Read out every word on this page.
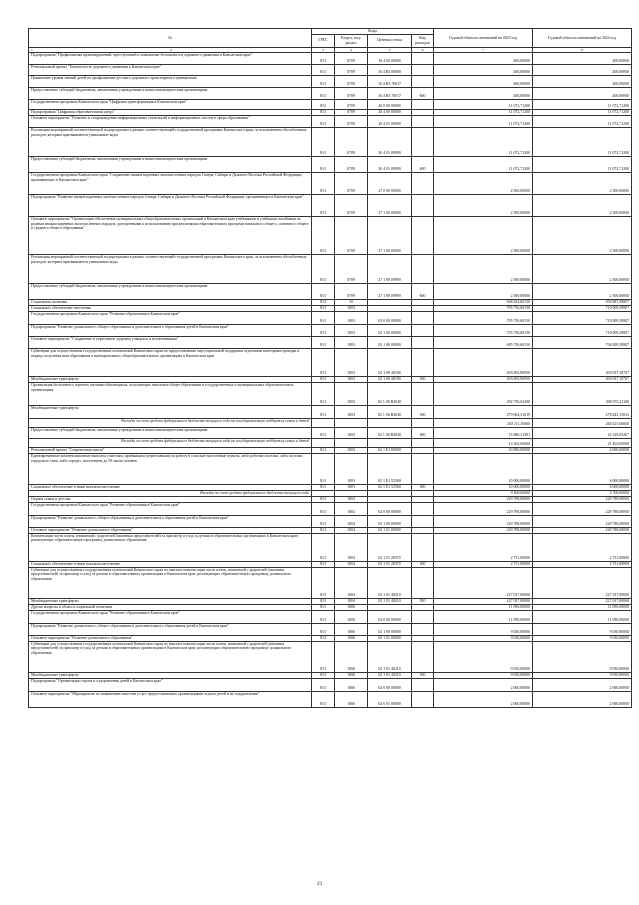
№	Коды				Годовой объем ассигнований на 2023 год	Годовой объем ассигнований на 2024 год
	ГРБС	Раздел, под-раздел	Целевая статья	Вид расходов		

1 2	3	4	5	6	7	8
Подпрограмма "Профилактика правонарушений, преступлений и повышение безопасности дорожного движения в Камчатском крае"	813	0709	16 4 00 00000		400,00000	400,00000
Региональный проект "Безопасность дорожного движения в Камчатском крае"	813	0709	16 4 R3 00000		400,00000	400,00000
Повышение уровня знаний детей по профилактике детского дорожного транспортного травматизма	813	0709	16 4 R3 70017		400,00000	400,00000
Предоставление субсидий бюджетным, автономным учреждениям и иным некоммерческим организациям	813	0709	16 4 R3 70017	600	400,00000	400,00000
Государственная программа Камчатского края "Цифровая трансформация в Камчатском крае"	813	0709	20 0 00 00000		11 072,71200	11 072,71200
Подпрограмма "Цифровая образовательная среда"	813	0709	20 4 00 00000		11 072,71200	11 072,71200
Основное мероприятие "Развитие и сопровождение информационных технологий и информационных систем в сфере образования"	813	0709	20 4 01 00000		11 072,71200	11 072,71200
Реализация мероприятий соответствующей подпрограммы в рамках соответствующей государственной программы Камчатского края, за исключением обособленных расходов, которым присваиваются уникальные коды	813	0709	20 4 01 09990		11 072,71200	11 072,71200
Предоставление субсидий бюджетным, автономным учреждениям и иным некоммерческим организациям	813	0709	20 4 01 09990	600	11 072,71200	11 072,71200
Государственная программа Камчатского края "Сохранение языков коренных малочисленных народов Севера, Сибири и Дальнего Востока Российской Федерации, проживающих в Камчатском крае"	813	0709	27 0 00 00000		2 500,00000	2 500,00000
Подпрограмма "Развитие языков коренных малочисленных народов Севера, Сибири и Дальнего Востока Российской Федерации, проживающих в Камчатском крае"	813	0709	27 1 00 00000		2 500,00000	2 500,00000
Основное мероприятие "Организация обеспечения муниципальных общеобразовательных организаций в Камчатском крае учебниками и учебными пособиями по родным языкам коренных малочисленных народов, допущенными к использованию при реализации образовательных программ начального общего, основного общего и среднего общего образования"	813	0709	27 1 08 00000		2 500,00000	2 500,00000
Реализация мероприятий соответствующей подпрограммы в рамках соответствующей государственной программы Камчатского края, за исключением обособленных расходов, которым присваиваются уникальные коды	813	0709	27 1 08 09990		2 500,00000	2 500,00000
Предоставление субсидий бюджетным, автономным учреждениям и иным некоммерческим организациям	813	0709	27 1 08 09990	600	2 500,00000	2 500,00000
Социальная политика	813	10			946 634,60150	950 887,39807
Социальное обеспечение населения	813	1003			705 756,60150	710 009,39807
Государственная программа Камчатского края "Развитие образования в Камчатском крае"	813	1003	02 0 00 00000		705 756,60150	710 009,39807
Подпрограмма "Развитие дошкольного, общего образования и дополнительного образования детей в Камчатском крае"	813	1003	02 1 00 00000		705 756,60150	710 009,39807
Основное мероприятие "Сохранение и укрепление здоровья учащихся и воспитанников"	813	1003	02 1 06 00000		695 756,60150	704 009,39807
Субвенции для осуществления государственных полномочий Камчатского края по предоставлению мер социальной поддержки отдельным категориям граждан в период получения ими образования в муниципальных общеобразовательных организациях в Камчатском крае	813	1003	02 1 06 40180		403 005,96950	403 037,18707
Межбюджетные трансферты	813	1003	02 1 06 40180	500	403 005,96950	403 037,18707
Организация бесплатного горячего питания обучающихся, получающих начальное общее образование в государственных и муниципальных образовательных организациях	813	1003	02 1 06 R3040		292 750,63200	300 972,21100
Межбюджетные трансферты	813	1003	02 1 06 R3040	500	279 064,31619	278 443,15633
Расходы за счет средств федерального бюджета текущего года на государственную поддержку семьи и детей					265 111,10000	264 521,00000
Предоставление субсидий бюджетным, автономным учреждениям и иным некоммерческим организациям	813	1003	02 1 06 R3040	600	13 686,31581	22 529,05267
Расходы за счет средств федерального бюджета текущего года на государственную поддержку семьи и детей					13 002,00000	21 402,60000
Региональный проект "Современная школа"	813	1003	02 1 E1 00000		10 000,00000	6 000,00000
Единовременные компенсационные выплаты учителям, прибывшим (переехавшим) на работу в сельские населенные пункты, либо рабочие поселки, либо поселки городского типа, либо города с населением до 50 тысяч человек	813	1003	02 1 E1 52560		10 000,00000	6 000,00000
Социальное обеспечение и иные выплаты населению	813	1003	02 1 E1 52560	300	10 000,00000	6 000,00000
Расходы за счет средств федерального бюджета текущего года					9 500,00000	5 700,00000
Охрана семьи и детства	813	1004			229 788,00000	229 788,00000
Государственная программа Камчатского края "Развитие образования в Камчатском крае"	813	1004	02 0 00 00000		229 788,00000	229 788,00000
Подпрограмма "Развитие дошкольного, общего образования и дополнительного образования детей в Камчатском крае"	813	1004	02 1 00 00000		229 788,00000	229 788,00000
Основное мероприятие "Развитие дошкольного образования"	813	1004	02 1 01 00000		229 788,00000	229 788,00000
Компенсация части платы, взимаемой с родителей (законных представителей) за присмотр и уход за детьми в образовательных организациях в Камчатском крае, реализующих образовательную программу дошкольного образования	813	1004	02 1 01 20370		2 751,00000	2 751,00000
Социальное обеспечение и иные выплаты населению	813	1004	02 1 01 20370	300	2 751,00000	2 751,00000
Субвенции для осуществления государственных полномочий Камчатского края по выплате компенсации части платы, взимаемой с родителей (законных представителей) за присмотр и уход за детьми в образовательных организациях в Камчатском крае, реализующих образовательную программу дошкольного образования	813	1004	02 1 01 40210		227 037,00000	227 037,00000
Межбюджетные трансферты	813	1004	02 1 01 40210	500	227 037,00000	227 037,00000
Другие вопросы в области социальной политики	813	1006			11 090,00000	11 090,00000
Государственная программа Камчатского края "Развитие образования в Камчатском крае"	813	1006	02 0 00 00000		11 090,00000	11 090,00000
Подпрограмма "Развитие дошкольного, общего образования и дополнительного образования детей в Камчатском крае"	813	1006	02 1 00 00000		9 030,00000	9 030,00000
Основное мероприятие "Развитие дошкольного образования"	813	1006	02 1 01 00000		9 030,00000	9 030,00000
Субвенции для осуществления государственных полномочий Камчатского края по выплате компенсации части платы, взимаемой с родителей (законных представителей) за присмотр и уход за детьми в образовательных организациях в Камчатском крае, реализующих образовательную программу дошкольного образования	813	1006	02 1 01 40210		9 030,00000	9 030,00000
Межбюджетные трансферты	813	1006	02 1 01 40210	500	9 030,00000	9 030,00000
Подпрограмма "Организация отдыха и оздоровления детей в Камчатском крае"	813	1006	02 6 00 00000		2 060,00000	2 060,00000
Основное мероприятие "Мероприятия по повышению качества услуг, предоставляемых организациями отдыха детей и их оздоровления"	813	1006	02 6 01 00000		2 060,00000	2 060,00000
23
